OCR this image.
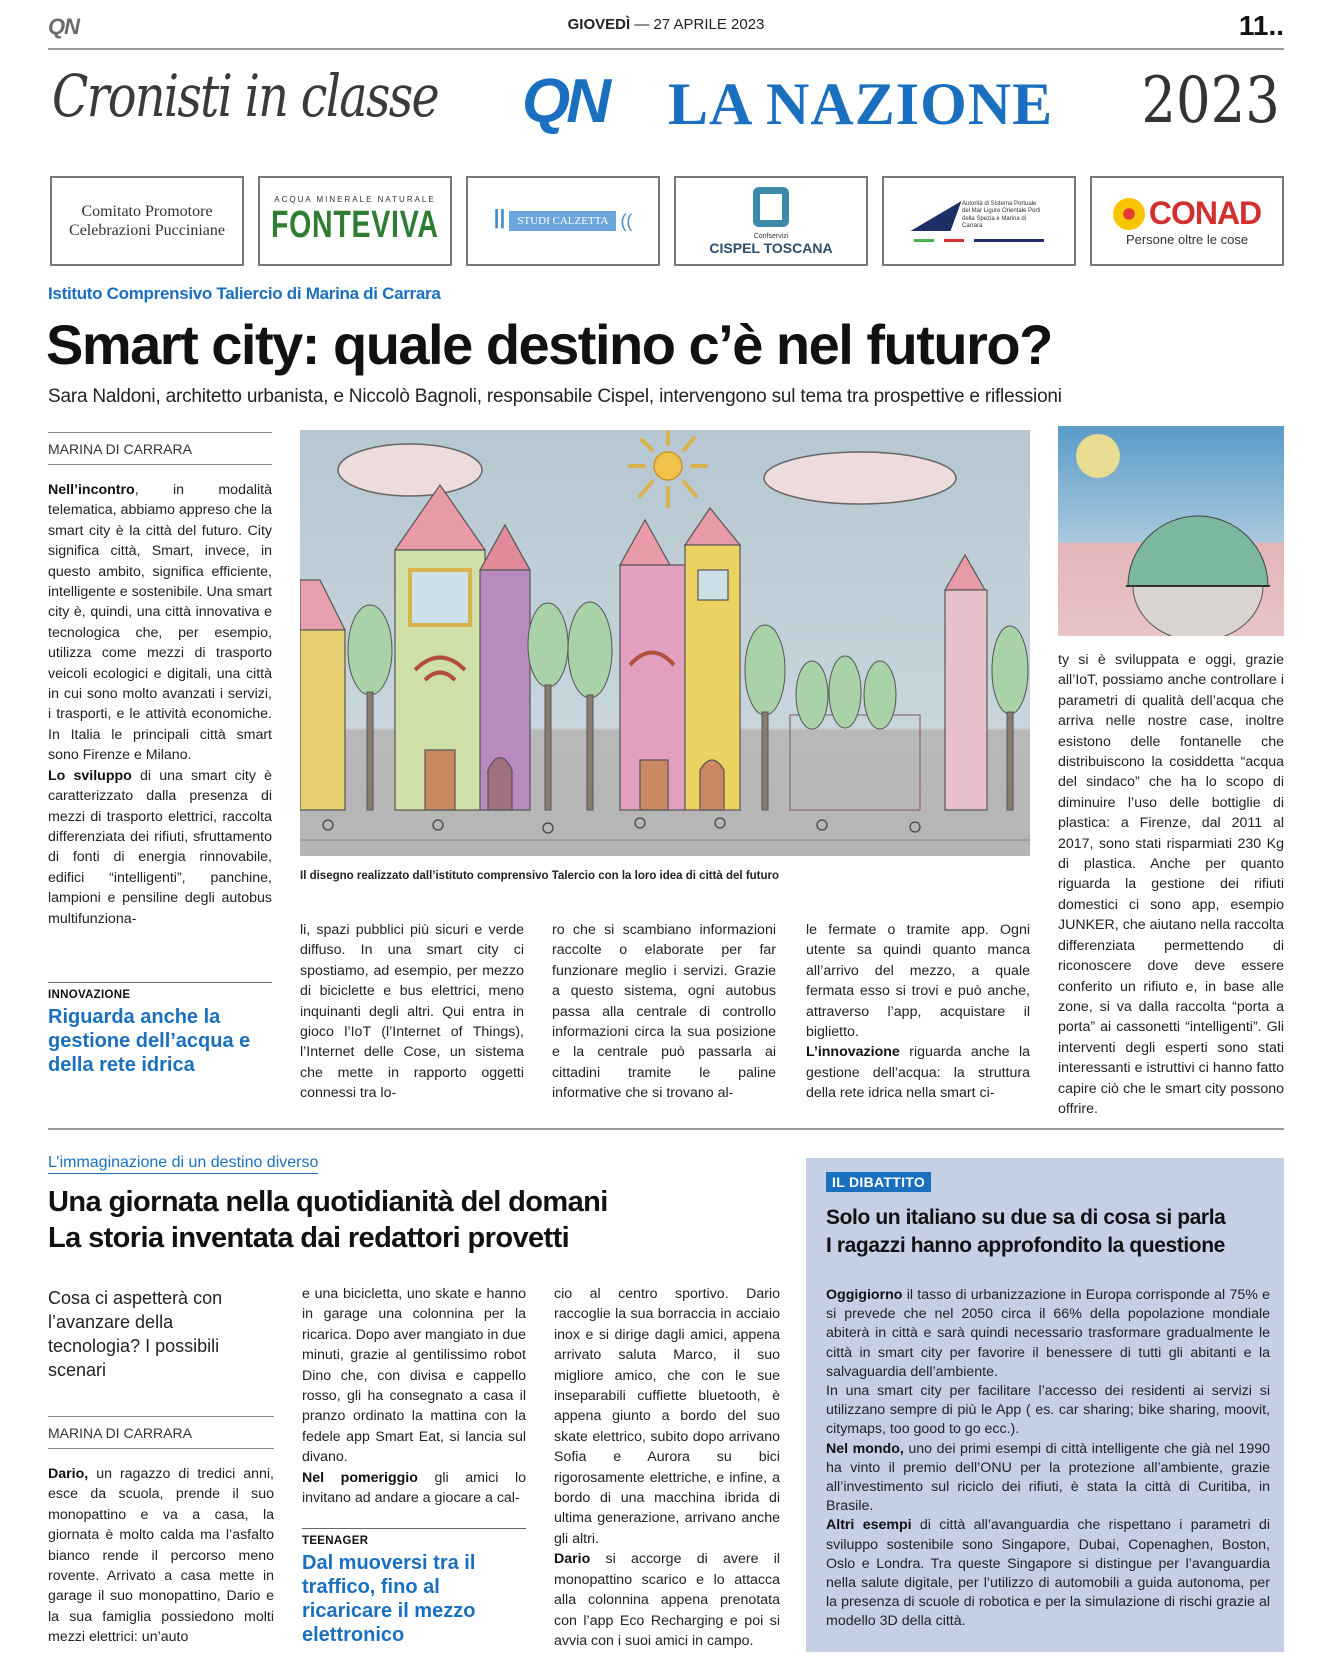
QN	GIOVEDÌ — 27 APRILE 2023	11..
Cronisti in classe QN LA NAZIONE 2023
Comitato Promotore
Celebrazioni Pucciniane
ACQUA MINERALE NATURALE
FONTEVIVA	ꟾꟾ	STUDI CALZETTA ((
Confservizi
CISPEL TOSCANA
Autorità di Sistema Portuale del Mar Ligure Orientale Porti della Spezia e Marina di Carrara	CONAD
Persone oltre le cose
Istituto Comprensivo Taliercio di Marina di Carrara
Smart city: quale destino c’è nel futuro?
Sara Naldoni, architetto urbanista, e Niccolò Bagnoli, responsabile Cispel, intervengono sul tema tra prospettive e riflessioni
MARINA DI CARRARA
Nell’incontro, in modalità telematica, abbiamo appreso che la smart city è la città del futuro. City significa città, Smart, invece, in questo ambito, significa efficiente, intelligente e sostenibile. Una smart city è, quindi, una città innovativa e tecnologica che, per esempio, utilizza come mezzi di trasporto veicoli ecologici e digitali, una città in cui sono molto avanzati i servizi, i trasporti, e le attività economiche. In Italia le principali città smart sono Firenze e Milano.
Lo sviluppo di una smart city è caratterizzato dalla presenza di mezzi di trasporto elettrici, raccolta differenziata dei rifiuti, sfruttamento di fonti di energia rinnovabile, edifici “intelligenti”, panchine, lampioni e pensiline degli autobus multifunziona-
INNOVAZIONE
Riguarda anche la gestione dell’acqua e della rete idrica
Il disegno realizzato dall’istituto comprensivo Talercio con la loro idea di città del futuro
li, spazi pubblici più sicuri e verde diffuso. In una smart city ci spostiamo, ad esempio, per mezzo di biciclette e bus elettrici, meno inquinanti degli altri. Qui entra in gioco l’IoT (l’Internet of Things), l’Internet delle Cose, un sistema che mette in rapporto oggetti connessi tra lo-
ro che si scambiano informazioni raccolte o elaborate per far funzionare meglio i servizi. Grazie a questo sistema, ogni autobus passa alla centrale di controllo informazioni circa la sua posizione e la centrale può passarla ai cittadini tramite le paline informative che si trovano al-
le fermate o tramite app. Ogni utente sa quindi quanto manca all’arrivo del mezzo, a quale fermata esso si trovi e può anche, attraverso l’app, acquistare il biglietto.
L’innovazione riguarda anche la gestione dell’acqua: la struttura della rete idrica nella smart ci-
ty si è sviluppata e oggi, grazie all’IoT, possiamo anche controllare i parametri di qualità dell’acqua che arriva nelle nostre case, inoltre esistono delle fontanelle che distribuiscono la cosiddetta “acqua del sindaco” che ha lo scopo di diminuire l’uso delle bottiglie di plastica: a Firenze, dal 2011 al 2017, sono stati risparmiati 230 Kg di plastica. Anche per quanto riguarda la gestione dei rifiuti domestici ci sono app, esempio JUNKER, che aiutano nella raccolta differenziata permettendo di riconoscere dove deve essere conferito un rifiuto e, in base alle zone, si va dalla raccolta “porta a porta” ai cassonetti “intelligenti”. Gli interventi degli esperti sono stati interessanti e istruttivi ci hanno fatto capire ciò che le smart city possono offrire.
L’immaginazione di un destino diverso
Una giornata nella quotidianità del domani
La storia inventata dai redattori provetti
Cosa ci aspetterà con l’avanzare della tecnologia? I possibili scenari
MARINA DI CARRARA
Dario, un ragazzo di tredici anni, esce da scuola, prende il suo monopattino e va a casa, la giornata è molto calda ma l’asfalto bianco rende il percorso meno rovente. Arrivato a casa mette in garage il suo monopattino, Dario e la sua famiglia possiedono molti mezzi elettrici: un’auto
e una bicicletta, uno skate e hanno in garage una colonnina per la ricarica. Dopo aver mangiato in due minuti, grazie al gentilissimo robot Dino che, con divisa e cappello rosso, gli ha consegnato a casa il pranzo ordinato la mattina con la fedele app Smart Eat, si lancia sul divano.
Nel pomeriggio gli amici lo invitano ad andare a giocare a cal-
TEENAGER
Dal muoversi tra il traffico, fino al ricaricare il mezzo elettronico
cio al centro sportivo. Dario raccoglie la sua borraccia in acciaio inox e si dirige dagli amici, appena arrivato saluta Marco, il suo migliore amico, che con le sue inseparabili cuffiette bluetooth, è appena giunto a bordo del suo skate elettrico, subito dopo arrivano Sofia e Aurora su bici rigorosamente elettriche, e infine, a bordo di una macchina ibrida di ultima generazione, arrivano anche gli altri.
Dario si accorge di avere il monopattino scarico e lo attacca alla colonnina appena prenotata con l’app Eco Recharging e poi si avvia con i suoi amici in campo.
IL DIBATTITO
Solo un italiano su due sa di cosa si parla
I ragazzi hanno approfondito la questione

Oggigiorno il tasso di urbanizzazione in Europa corrisponde al 75% e si prevede che nel 2050 circa il 66% della popolazione mondiale abiterà in città e sarà quindi necessario trasformare gradualmente le città in smart city per favorire il benessere di tutti gli abitanti e la salvaguardia dell’ambiente.

In una smart city per facilitare l’accesso dei residenti ai servizi si utilizzano sempre di più le App ( es. car sharing; bike sharing, moovit, citymaps, too good to go ecc.).

Nel mondo, uno dei primi esempi di città intelligente che già nel 1990 ha vinto il premio dell’ONU per la protezione all’ambiente, grazie all’investimento sul riciclo dei rifiuti, è stata la città di Curitiba, in Brasile.

Altri esempi di città all’avanguardia che rispettano i parametri di sviluppo sostenibile sono Singapore, Dubai, Copenaghen, Boston, Oslo e Londra. Tra queste Singapore si distingue per l’avanguardia nella salute digitale, per l’utilizzo di automobili a guida autonoma, per la presenza di scuole di robotica e per la simulazione di rischi grazie al modello 3D della città.
